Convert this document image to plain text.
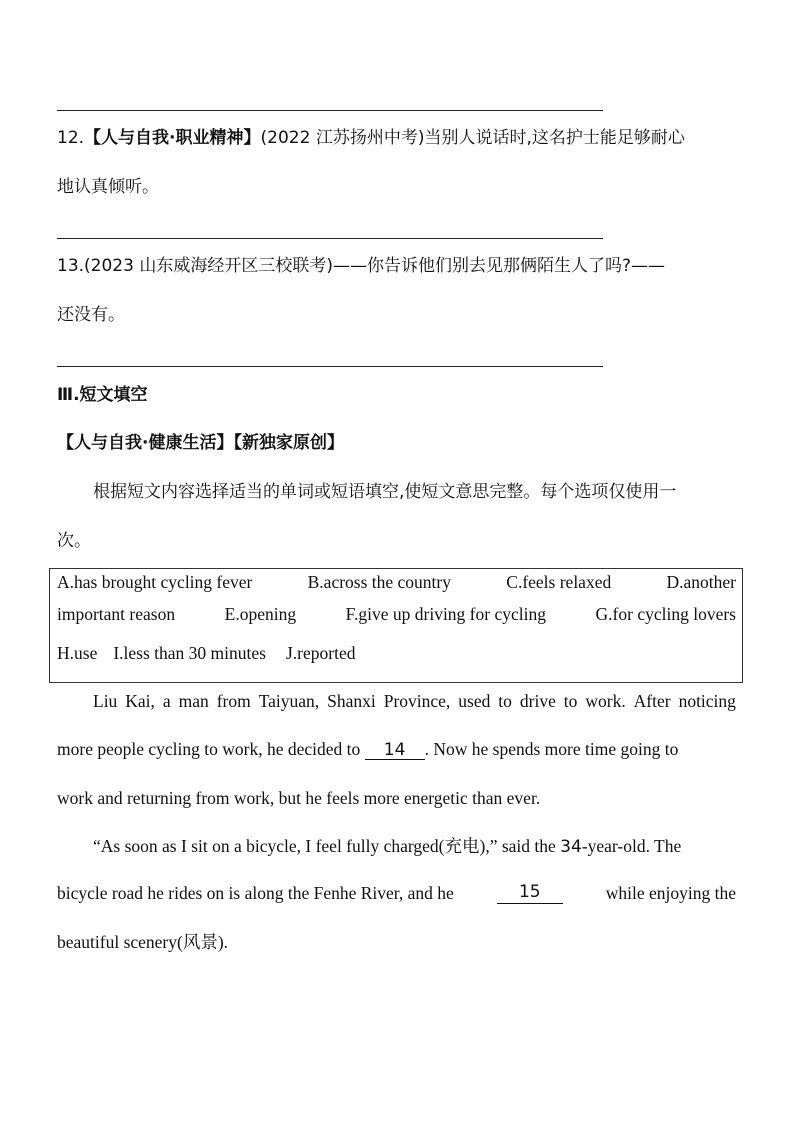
12.【人与自我·职业精神】(2022 江苏扬州中考)当别人说话时,这名护士能足够耐心
地认真倾听。
13.(2023 山东威海经开区三校联考)——你告诉他们别去见那俩陌生人了吗?——
还没有。
Ⅲ.短文填空
【人与自我·健康生活】【新独家原创】
根据短文内容选择适当的单词或短语填空,使短文意思完整。每个选项仅使用一
次。
A.has brought cycling fever	B.across the country	C.feels relaxed	D.another
important reason	E.opening	F.give up driving for cycling	G.for cycling lovers
H.use I.less than 30 minutes J.reported
Liu Kai, a man from Taiyuan, Shanxi Province, used to drive to work. After noticing
more people cycling to work, he decided to 14 . Now he spends more time going to
work and returning from work, but he feels more energetic than ever.
“As soon as I sit on a bicycle, I feel fully charged(充电),” said the 34-year-old. The
bicycle road he rides on is along the Fenhe River, and he	15	while enjoying the
beautiful scenery(风景).
